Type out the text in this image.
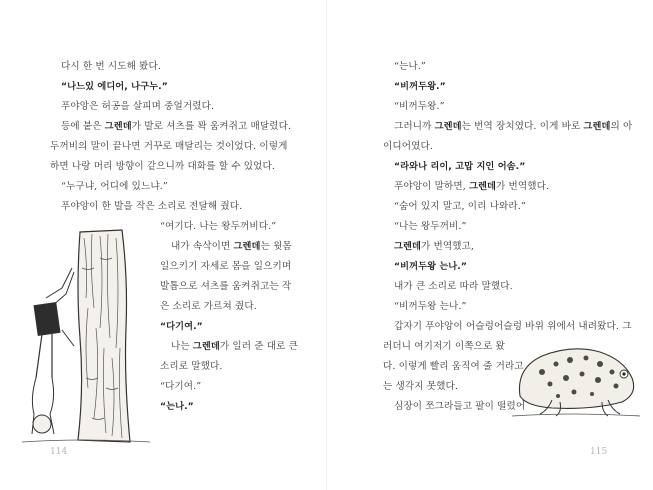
다시 한 번 시도해 봤다.
“나느있 에디어, 나구누.”
푸야앙은 허공을 살피며 중얼거렸다.
등에 붙은 그렌데가 발로 셔츠를 꽉 움켜쥐고 매달렸다.
두꺼비의 말이 끝나면 거꾸로 매달리는 것이었다. 이렇게
하면 나랑 머리 방향이 같으니까 대화를 할 수 있었다.
“누구냐, 어디에 있느냐.”
푸야앙이 한 발을 작은 소리로 전달해 줬다.
“여기다. 나는 왕두꺼비다.”
내가 속삭이면 그렌데는 윗몸
일으키기 자세로 몸을 일으키며
발톱으로 셔츠를 움켜쥐고는 작
은 소리로 가르쳐 줬다.
“다기여.”
나는 그렌데가 일러 준 대로 큰
소리로 말했다.
“다기여.”
“는나.”
“는나.”
“비꺼두왕.”
“비꺼두왕.”
그러니까 그렌데는 번역 장치였다. 이게 바로 그렌데의 아
이디어였다.
“라와나 리이, 고맙 지인 어솜.”
푸야앙이 말하면, 그렌데가 번역했다.
“숨어 있지 말고, 이리 나와라.”
“나는 왕두꺼비.”
그렌데가 번역했고,
“비꺼두왕 는나.”
내가 큰 소리로 따라 말했다.
“비꺼두왕 는나.”
갑자기 푸야앙이 어슬렁어슬렁 바위 위에서 내려왔다. 그
러더니 여기저기 이쪽으로 왔
다. 이렇게 빨리 움직여 줄 거라고
는 생각지 못했다.
심장이 쪼그라들고 팔이 떨렸어
114	115
